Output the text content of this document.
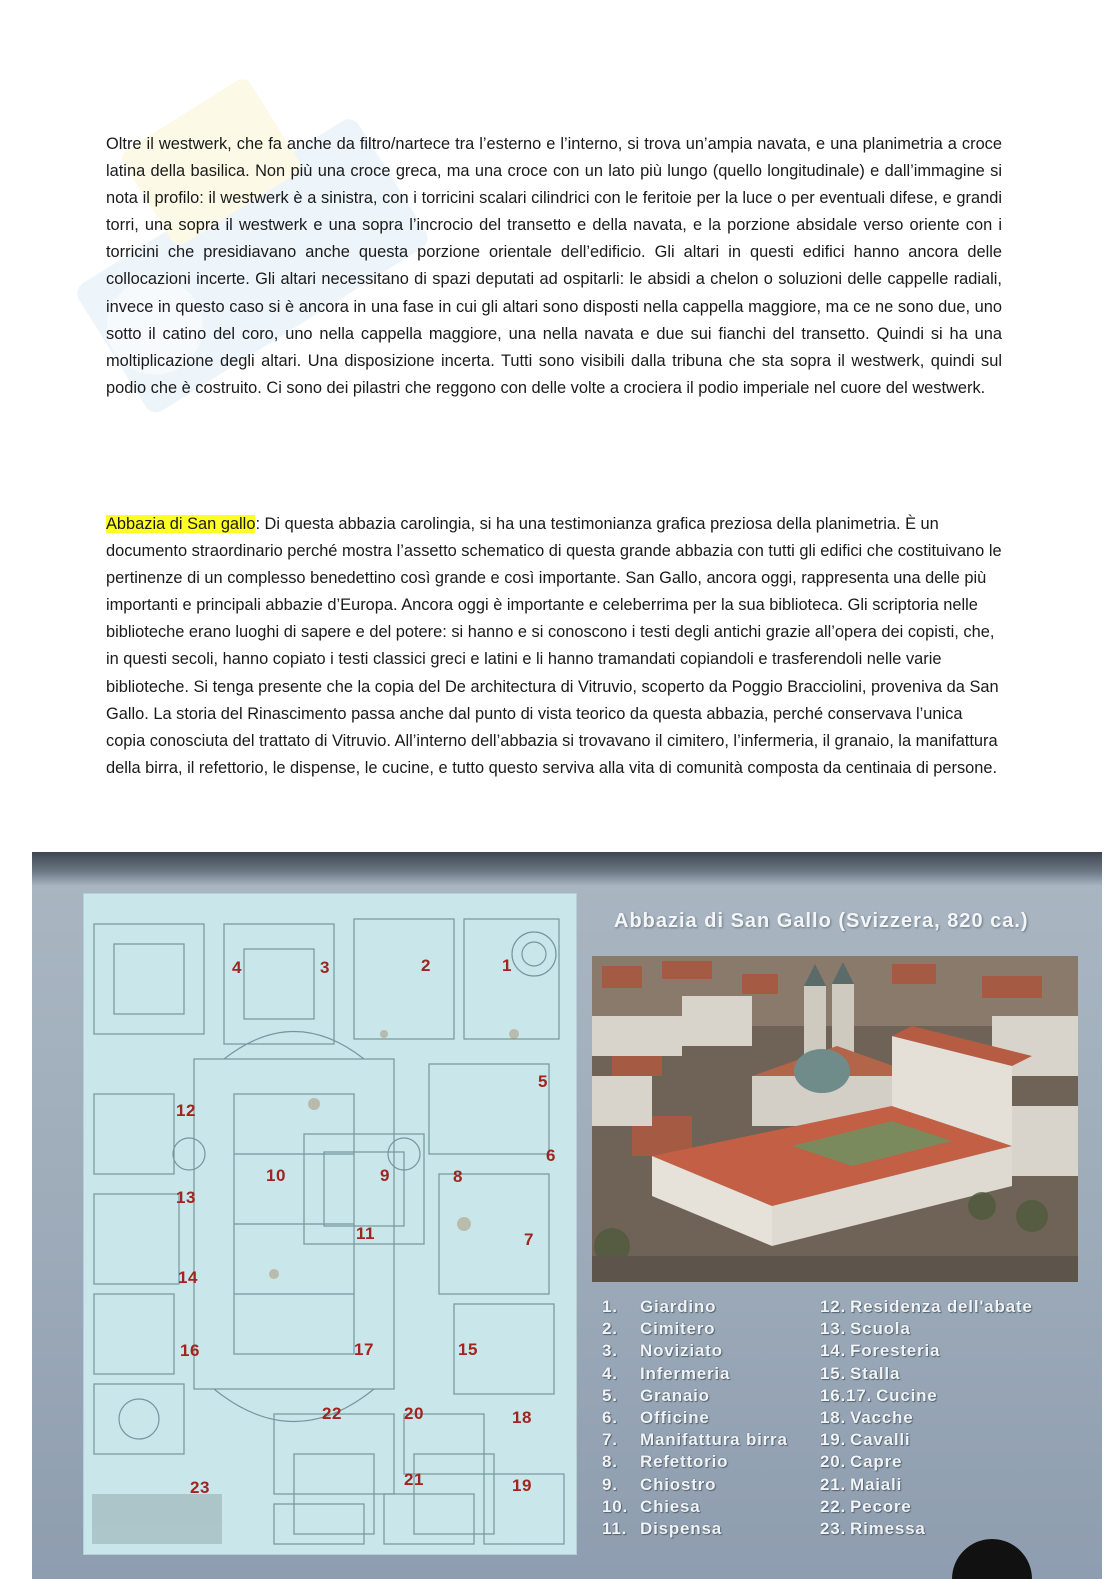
Oltre il westwerk, che fa anche da filtro/nartece tra l’esterno e l’interno, si trova un’ampia navata, e una planimetria a croce latina della basilica. Non più una croce greca, ma una croce con un lato più lungo (quello longitudinale) e dall’immagine si nota il profilo: il westwerk è a sinistra, con i torricini scalari cilindrici con le feritoie per la luce o per eventuali difese, e grandi torri, una sopra il westwerk e una sopra l’incrocio del transetto e della navata, e la porzione absidale verso oriente con i torricini che presidiavano anche questa porzione orientale dell’edificio. Gli altari in questi edifici hanno ancora delle collocazioni incerte. Gli altari necessitano di spazi deputati ad ospitarli: le absidi a chelon o soluzioni delle cappelle radiali, invece in questo caso si è ancora in una fase in cui gli altari sono disposti nella cappella maggiore, ma ce ne sono due, uno sotto il catino del coro, uno nella cappella maggiore, una nella navata e due sui fianchi del transetto. Quindi si ha una moltiplicazione degli altari. Una disposizione incerta. Tutti sono visibili dalla tribuna che sta sopra il westwerk, quindi sul podio che è costruito. Ci sono dei pilastri che reggono con delle volte a crociera il podio imperiale nel cuore del westwerk.

Abbazia di San gallo: Di questa abbazia carolingia, si ha una testimonianza grafica preziosa della planimetria. È un documento straordinario perché mostra l’assetto schematico di questa grande abbazia con tutti gli edifici che costituivano le pertinenze di un complesso benedettino così grande e così importante. San Gallo, ancora oggi, rappresenta una delle più importanti e principali abbazie d’Europa. Ancora oggi è importante e celeberrima per la sua biblioteca. Gli scriptoria nelle biblioteche erano luoghi di sapere e del potere: si hanno e si conoscono i testi degli antichi grazie all’opera dei copisti, che, in questi secoli, hanno copiato i testi classici greci e latini e li hanno tramandati copiandoli e trasferendoli nelle varie biblioteche. Si tenga presente che la copia del De architectura di Vitruvio, scoperto da Poggio Bracciolini, proveniva da San Gallo. La storia del Rinascimento passa anche dal punto di vista teorico da questa abbazia, perché conservava l’unica copia conosciuta del trattato di Vitruvio. All’interno dell’abbazia si trovavano il cimitero, l’infermeria, il granaio, la manifattura della birra, il refettorio, le dispense, le cucine, e tutto questo serviva alla vita di comunità composta da centinaia di persone.

4	3	2	1
5
12
6
10	9	8
13
11	7
14
16	17	15
22	20	18
21	19
23
Abbazia di San Gallo (Svizzera, 820 ca.)
1. Giardino
2. Cimitero
3. Noviziato
4. Infermeria
5. Granaio
6. Officine
7. Manifattura birra
8. Refettorio
9. Chiostro
10. Chiesa
11. Dispensa
12. Residenza dell'abate
13. Scuola
14. Foresteria
15. Stalla
16.17. Cucine
18. Vacche
19. Cavalli
20. Capre
21. Maiali
22. Pecore
23. Rimessa
